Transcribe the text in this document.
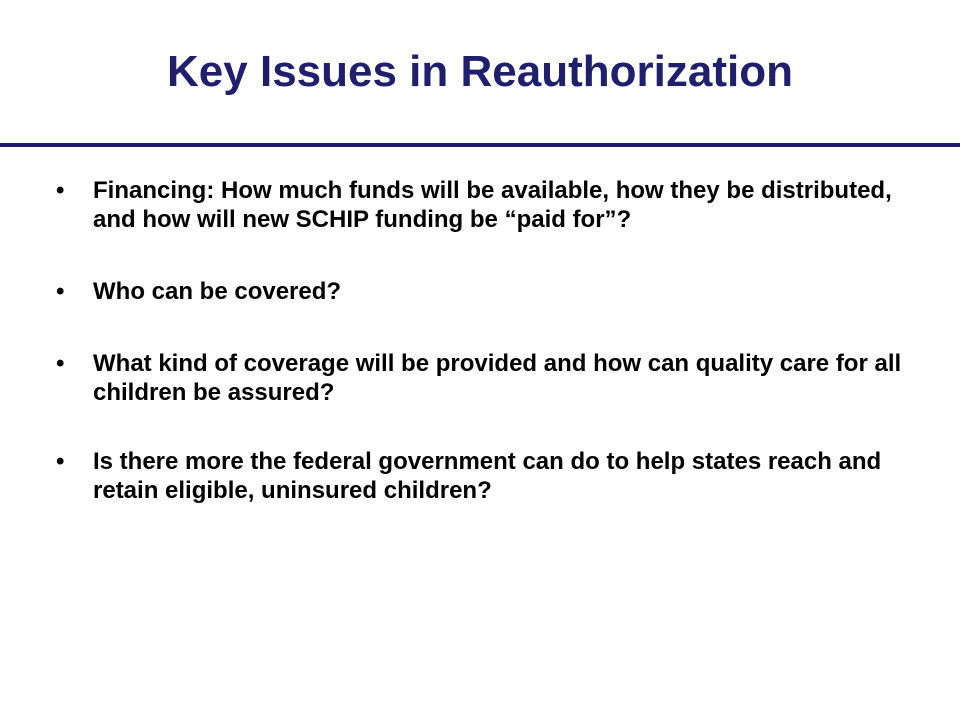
Key Issues in Reauthorization
•	Financing: How much funds will be available, how they be distributed, and how will new SCHIP funding be “paid for”?
•	Who can be covered?
•	What kind of coverage will be provided and how can quality care for all children be assured?
•	Is there more the federal government can do to help states reach and retain eligible, uninsured children?
